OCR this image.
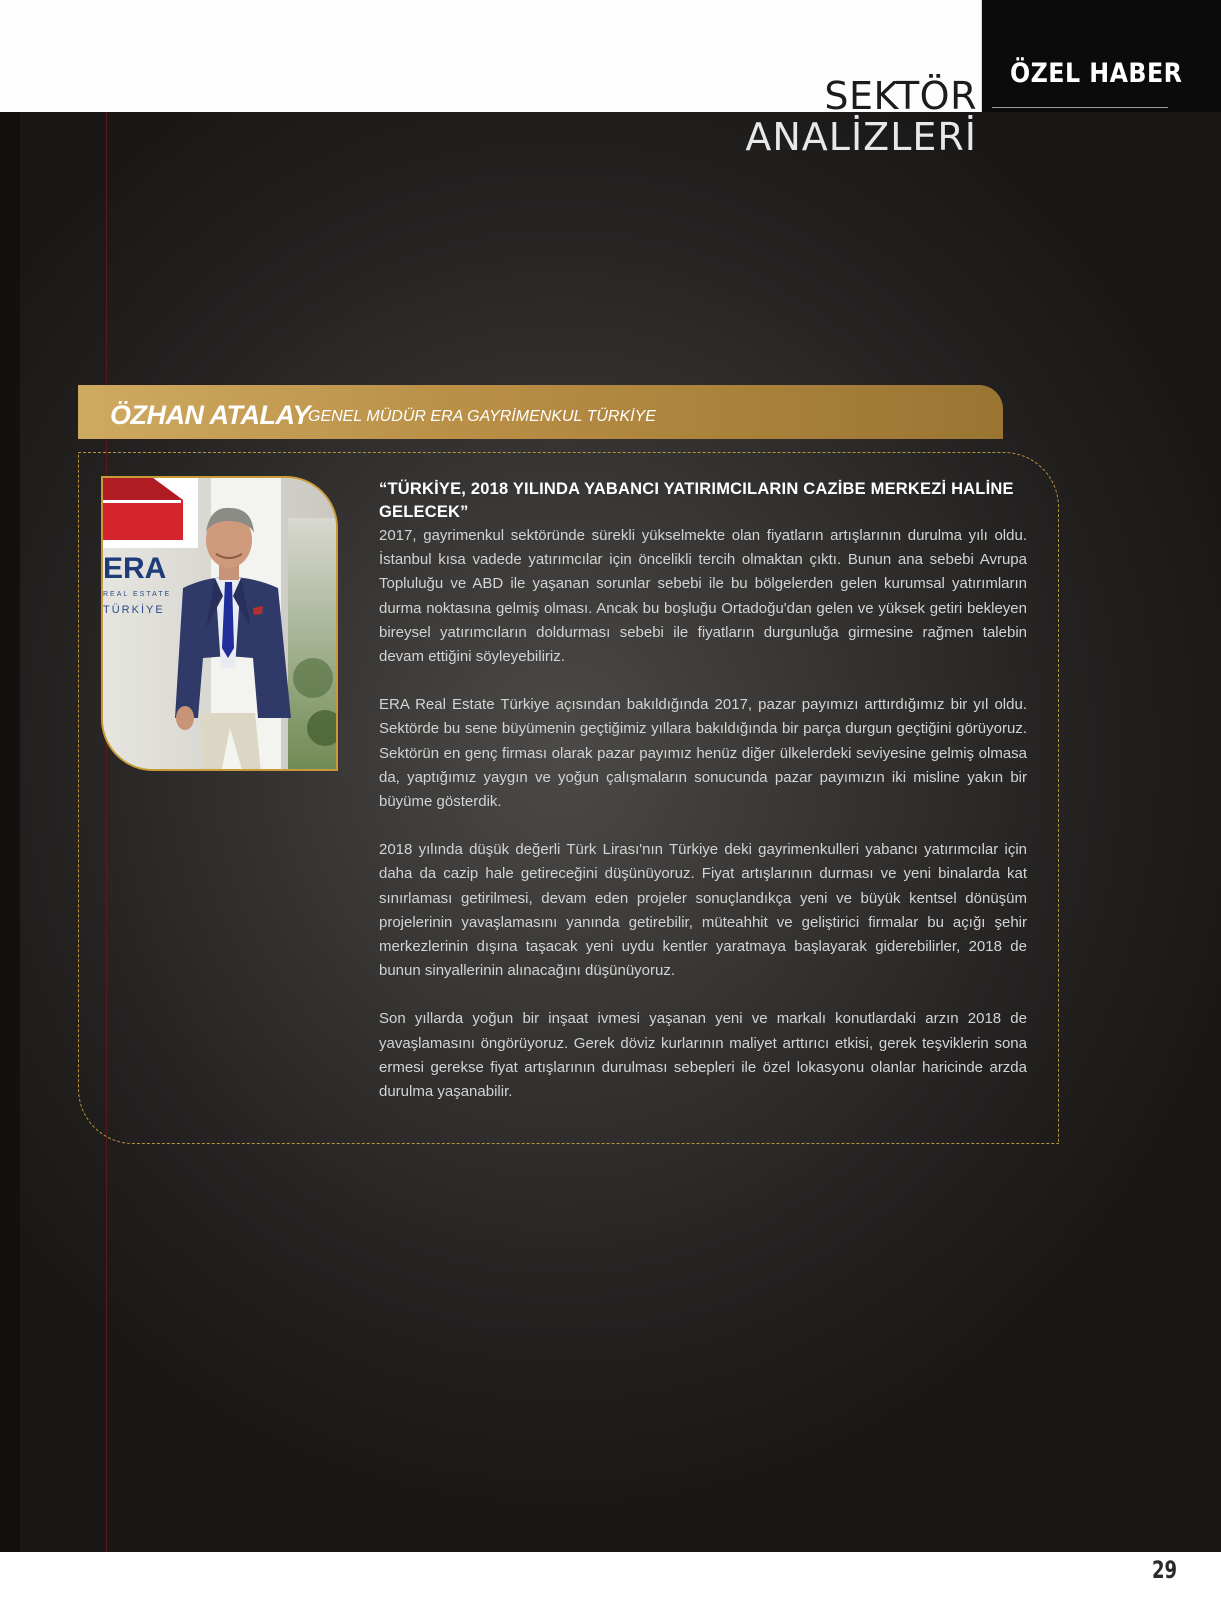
ÖZEL HABER
SEKTÖR
ANALİZLERİ
ÖZHAN ATALAY
GENEL MÜDÜR ERA GAYRİMENKUL TÜRKİYE
ERA
REAL ESTATE
TÜRKİYE
“TÜRKİYE, 2018 YILINDA YABANCI YATIRIMCILARIN CAZİBE MERKEZİ HALİNE GELECEK”

2017, gayrimenkul sektöründe sürekli yükselmekte olan fiyatların artışlarının durulma yılı oldu. İstanbul kısa vadede yatırımcılar için öncelikli tercih olmaktan çıktı. Bunun ana sebebi Avrupa Topluluğu ve ABD ile yaşanan sorunlar sebebi ile bu bölgelerden gelen kurumsal yatırımların durma noktasına gelmiş olması. Ancak bu boşluğu Ortadoğu'dan gelen ve yüksek getiri bekleyen bireysel yatırımcıların doldurması sebebi ile fiyatların durgunluğa girmesine rağmen talebin devam ettiğini söyleyebiliriz.

ERA Real Estate Türkiye açısından bakıldığında 2017, pazar payımızı arttırdığımız bir yıl oldu. Sektörde bu sene büyümenin geçtiğimiz yıllara bakıldığında bir parça durgun geçtiğini görüyoruz. Sektörün en genç firması olarak pazar payımız henüz diğer ülkelerdeki seviyesine gelmiş olmasa da, yaptığımız yaygın ve yoğun çalışmaların sonucunda pazar payımızın iki misline yakın bir büyüme gösterdik.

2018 yılında düşük değerli Türk Lirası'nın Türkiye deki gayrimenkulleri yabancı yatırımcılar için daha da cazip hale getireceğini düşünüyoruz. Fiyat artışlarının durması ve yeni binalarda kat sınırlaması getirilmesi, devam eden projeler sonuçlandıkça yeni ve büyük kentsel dönüşüm projelerinin yavaşlamasını yanında getirebilir, müteahhit ve geliştirici firmalar bu açığı şehir merkezlerinin dışına taşacak yeni uydu kentler yaratmaya başlayarak giderebilirler, 2018 de bunun sinyallerinin alınacağını düşünüyoruz.

Son yıllarda yoğun bir inşaat ivmesi yaşanan yeni ve markalı konutlardaki arzın 2018 de yavaşlamasını öngörüyoruz. Gerek döviz kurlarının maliyet arttırıcı etkisi, gerek teşviklerin sona ermesi gerekse fiyat artışlarının durulması sebepleri ile özel lokasyonu olanlar haricinde arzda durulma yaşanabilir.

29
